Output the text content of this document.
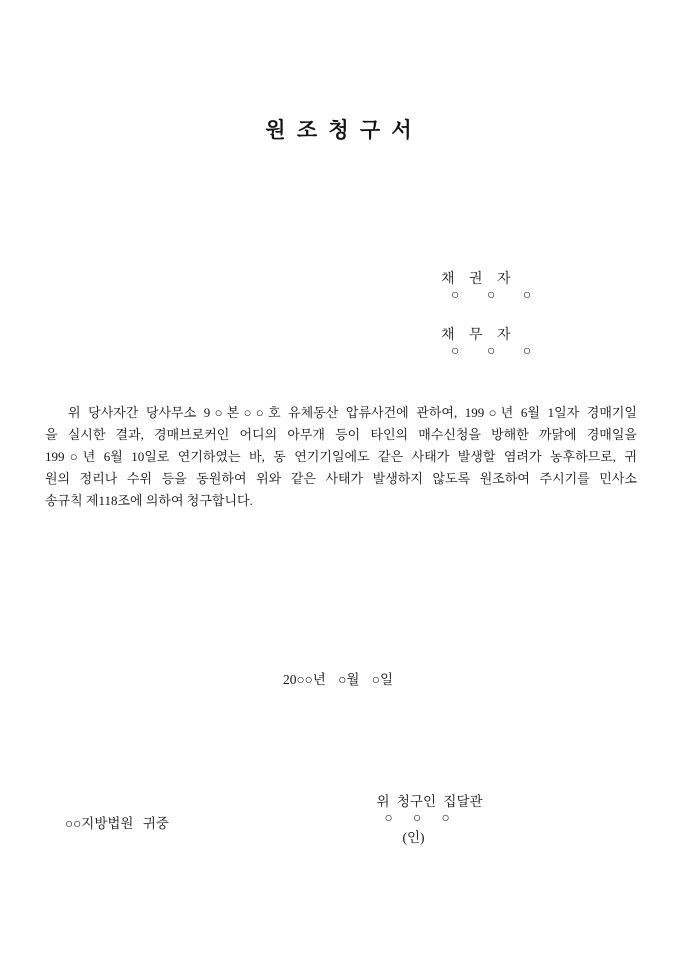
원 조 청 구 서

채 권 자
○ ○ ○

채 무 자
○ ○ ○

위 당사자간 당사무소 9○본○○호 유체동산 압류사건에 관하여, 199○년 6월 1일자 경매기일
을 실시한 결과, 경매브로커인 어디의 아무개 등이 타인의 매수신청을 방해한 까닭에 경매일을
199○년 6월 10일로 연기하였는 바, 동 연기기일에도 같은 사태가 발생할 염려가 농후하므로, 귀
원의 정리나 수위 등을 동원하여 위와 같은 사태가 발생하지 않도록 원조하여 주시기를 민사소
송규칙 제118조에 의하여 청구합니다.
20○○년 ○월 ○일

위 청구인 집달관
○ ○ ○
(인)

○○지방법원 귀중
